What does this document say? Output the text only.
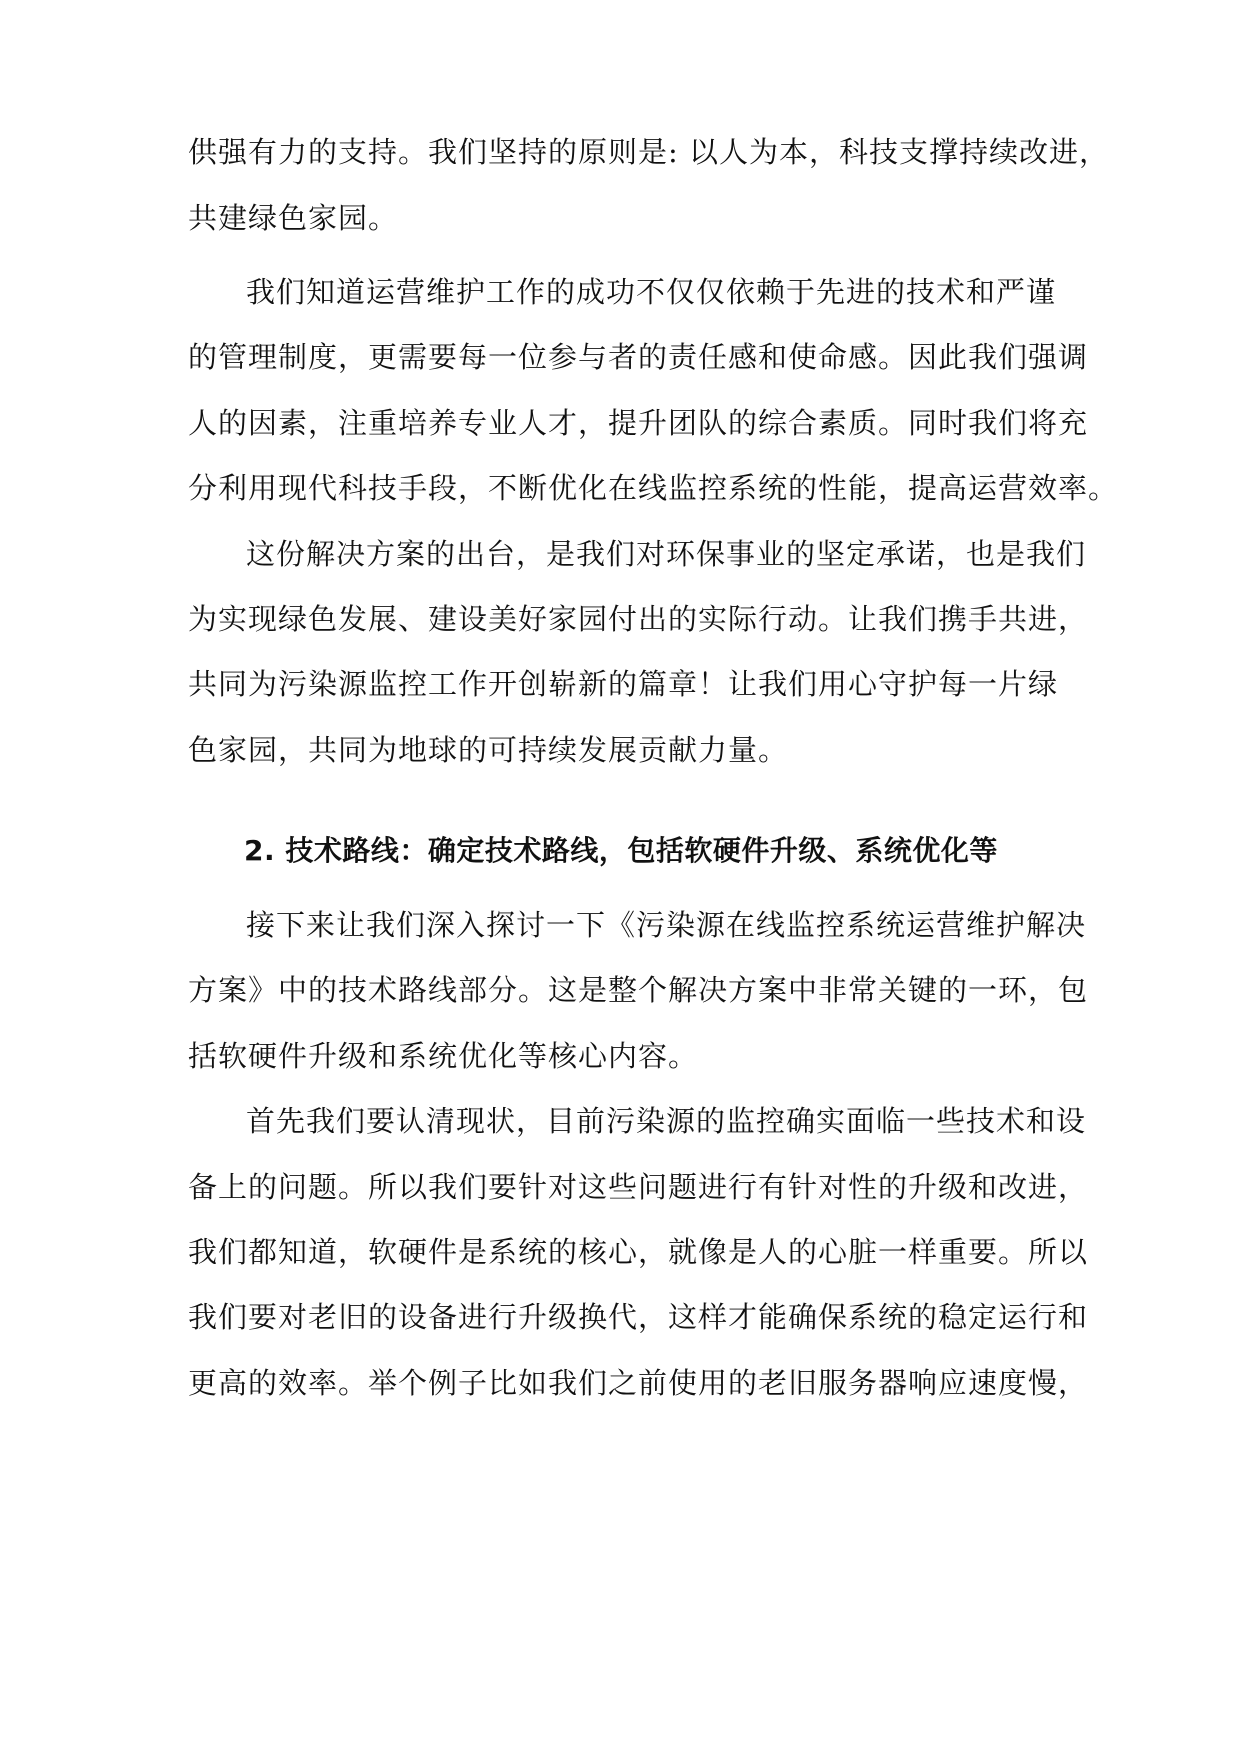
供强有力的支持。我们坚持的原则是: 以人为本，科技支撑持续改进，
共建绿色家园。
我们知道运营维护工作的成功不仅仅依赖于先进的技术和严谨
的管理制度，更需要每一位参与者的责任感和使命感。因此我们强调
人的因素，注重培养专业人才，提升团队的综合素质。同时我们将充
分利用现代科技手段，不断优化在线监控系统的性能，提高运营效率。
这份解决方案的出台，是我们对环保事业的坚定承诺，也是我们
为实现绿色发展、建设美好家园付出的实际行动。让我们携手共进，
共同为污染源监控工作开创崭新的篇章！让我们用心守护每一片绿
色家园，共同为地球的可持续发展贡献力量。
2. 技术路线：确定技术路线，包括软硬件升级、系统优化等
接下来让我们深入探讨一下《污染源在线监控系统运营维护解决
方案》中的技术路线部分。这是整个解决方案中非常关键的一环，包
括软硬件升级和系统优化等核心内容。
首先我们要认清现状，目前污染源的监控确实面临一些技术和设
备上的问题。所以我们要针对这些问题进行有针对性的升级和改进，
我们都知道，软硬件是系统的核心，就像是人的心脏一样重要。所以
我们要对老旧的设备进行升级换代，这样才能确保系统的稳定运行和
更高的效率。举个例子比如我们之前使用的老旧服务器响应速度慢，
